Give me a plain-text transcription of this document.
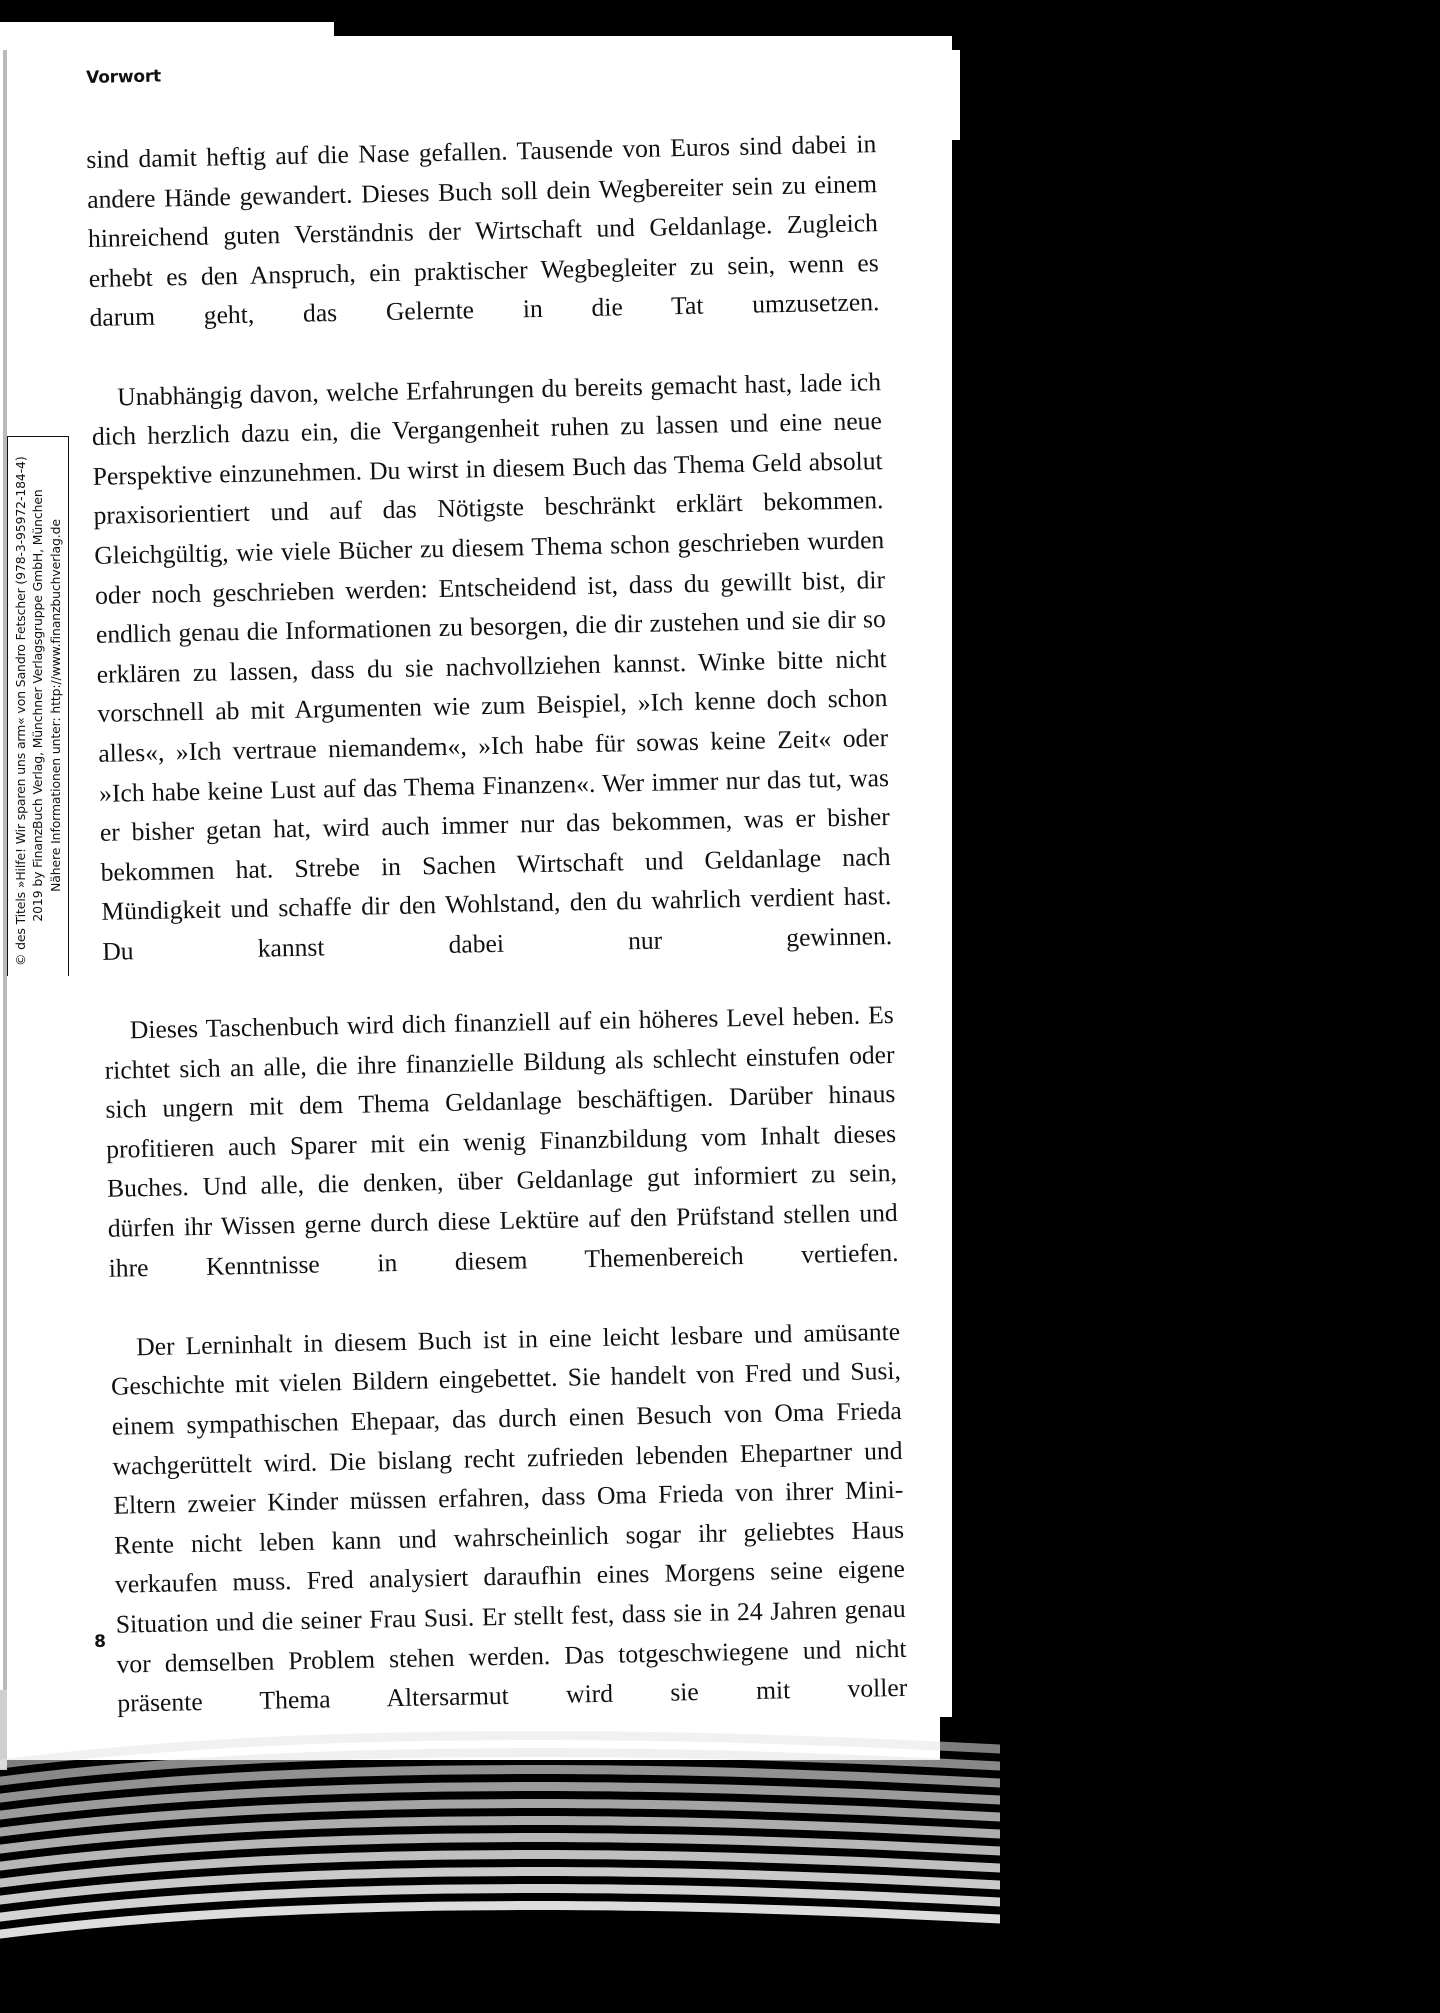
Vorwort
© des Titels »Hilfe! Wir sparen uns arm« von Sandro Fetscher (978-3-95972-184-4) 2019 by FinanzBuch Verlag, Münchner Verlagsgruppe GmbH, München Nähere Informationen unter: http://www.finanzbuchverlag.de

sind damit heftig auf die Nase gefallen. Tausende von Euros sind dabei in andere Hände gewandert. Dieses Buch soll dein Wegbereiter sein zu einem hinreichend guten Verständnis der Wirtschaft und Geldanlage. Zugleich erhebt es den Anspruch, ein praktischer Wegbegleiter zu sein, wenn es darum geht, das Gelernte in die Tat umzusetzen.

Unabhängig davon, welche Erfahrungen du bereits gemacht hast, lade ich dich herzlich dazu ein, die Vergangenheit ruhen zu lassen und eine neue Perspektive einzunehmen. Du wirst in diesem Buch das Thema Geld absolut praxisorientiert und auf das Nötigste beschränkt erklärt bekommen. Gleichgültig, wie viele Bücher zu diesem Thema schon geschrieben wurden oder noch geschrieben werden: Entscheidend ist, dass du gewillt bist, dir endlich genau die Informationen zu besorgen, die dir zustehen und sie dir so erklären zu lassen, dass du sie nachvollziehen kannst. Winke bitte nicht vorschnell ab mit Argumenten wie zum Beispiel, »Ich kenne doch schon alles«, »Ich vertraue niemandem«, »Ich habe für sowas keine Zeit« oder »Ich habe keine Lust auf das Thema Finanzen«. Wer immer nur das tut, was er bisher getan hat, wird auch immer nur das bekommen, was er bisher bekommen hat. Strebe in Sachen Wirtschaft und Geldanlage nach Mündigkeit und schaffe dir den Wohlstand, den du wahrlich verdient hast. Du kannst dabei nur gewinnen.

Dieses Taschenbuch wird dich finanziell auf ein höheres Level heben. Es richtet sich an alle, die ihre finanzielle Bildung als schlecht einstufen oder sich ungern mit dem Thema Geldanlage beschäftigen. Darüber hinaus profitieren auch Sparer mit ein wenig Finanzbildung vom Inhalt dieses Buches. Und alle, die denken, über Geldanlage gut informiert zu sein, dürfen ihr Wissen gerne durch diese Lektüre auf den Prüfstand stellen und ihre Kenntnisse in diesem Themenbereich vertiefen.

Der Lerninhalt in diesem Buch ist in eine leicht lesbare und amüsante Geschichte mit vielen Bildern eingebettet. Sie handelt von Fred und Susi, einem sympathischen Ehepaar, das durch einen Besuch von Oma Frieda wachgerüttelt wird. Die bislang recht zufrieden lebenden Ehepartner und Eltern zweier Kinder müssen erfahren, dass Oma Frieda von ihrer Mini-Rente nicht leben kann und wahrscheinlich sogar ihr geliebtes Haus verkaufen muss. Fred analysiert daraufhin eines Morgens seine eigene Situation und die seiner Frau Susi. Er stellt fest, dass sie in 24 Jahren genau vor demselben Problem stehen werden. Das totgeschwiegene und nicht präsente Thema Altersarmut wird sie mit voller

8
